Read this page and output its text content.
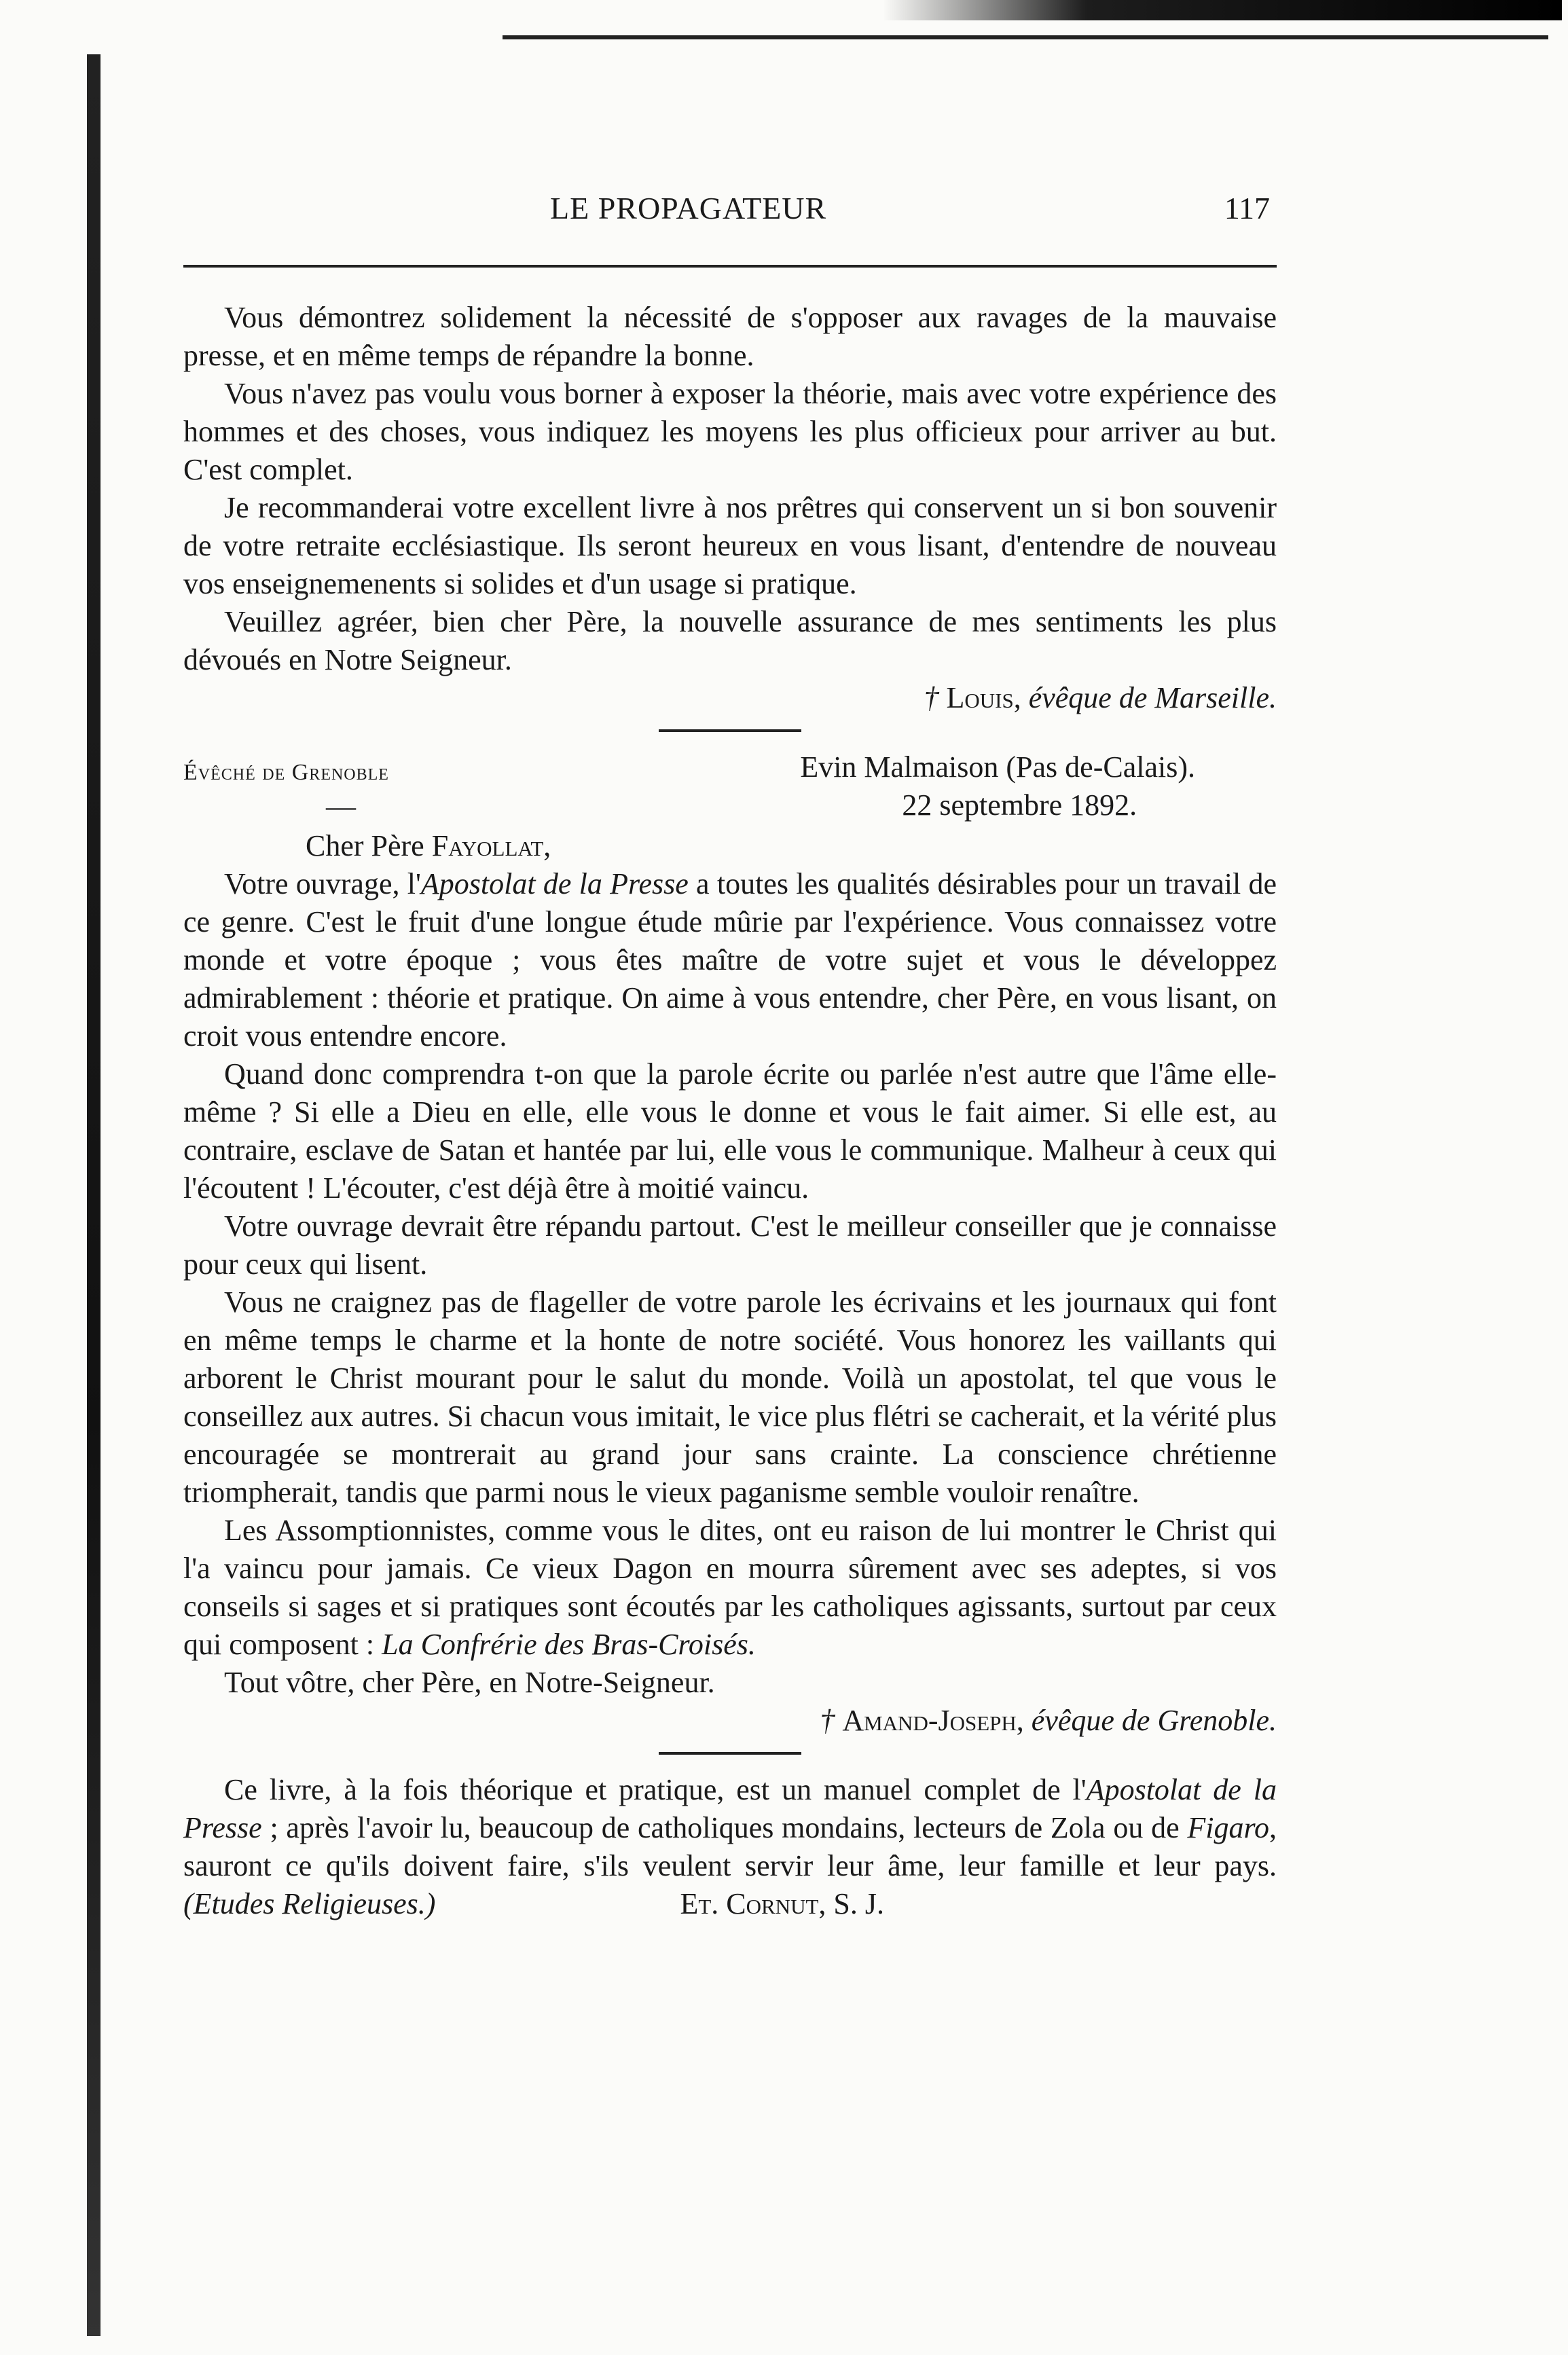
LE PROPAGATEUR	117

Vous démontrez solidement la nécessité de s'opposer aux ravages de la mauvaise presse, et en même temps de répandre la bonne.

Vous n'avez pas voulu vous borner à exposer la théorie, mais avec votre expérience des hommes et des choses, vous indiquez les moyens les plus officieux pour arriver au but. C'est complet.

Je recommanderai votre excellent livre à nos prêtres qui conservent un si bon souvenir de votre retraite ecclésiastique. Ils seront heureux en vous lisant, d'entendre de nouveau vos enseignemenents si solides et d'un usage si pratique.

Veuillez agréer, bien cher Père, la nouvelle assurance de mes sentiments les plus dévoués en Notre Seigneur.

† Louis, évêque de Marseille.

Évêché de Grenoble
—
Evin Malmaison (Pas de-Calais).
22 septembre 1892.

Cher Père Fayollat,

Votre ouvrage, l'Apostolat de la Presse a toutes les qualités désirables pour un travail de ce genre. C'est le fruit d'une longue étude mûrie par l'expérience. Vous connaissez votre monde et votre époque ; vous êtes maître de votre sujet et vous le développez admirablement : théorie et pratique. On aime à vous entendre, cher Père, en vous lisant, on croit vous entendre encore.

Quand donc comprendra t-on que la parole écrite ou parlée n'est autre que l'âme elle-même ? Si elle a Dieu en elle, elle vous le donne et vous le fait aimer. Si elle est, au contraire, esclave de Satan et hantée par lui, elle vous le communique. Malheur à ceux qui l'écoutent ! L'écouter, c'est déjà être à moitié vaincu.

Votre ouvrage devrait être répandu partout. C'est le meilleur conseiller que je connaisse pour ceux qui lisent.

Vous ne craignez pas de flageller de votre parole les écrivains et les journaux qui font en même temps le charme et la honte de notre société. Vous honorez les vaillants qui arborent le Christ mourant pour le salut du monde. Voilà un apostolat, tel que vous le conseillez aux autres. Si chacun vous imitait, le vice plus flétri se cacherait, et la vérité plus encouragée se montrerait au grand jour sans crainte. La conscience chrétienne triompherait, tandis que parmi nous le vieux paganisme semble vouloir renaître.

Les Assomptionnistes, comme vous le dites, ont eu raison de lui montrer le Christ qui l'a vaincu pour jamais. Ce vieux Dagon en mourra sûrement avec ses adeptes, si vos conseils si sages et si pratiques sont écoutés par les catholiques agissants, surtout par ceux qui composent : La Confrérie des Bras-Croisés.

Tout vôtre, cher Père, en Notre-Seigneur.

† Amand-Joseph, évêque de Grenoble.

Ce livre, à la fois théorique et pratique, est un manuel complet de l'Apostolat de la Presse ; après l'avoir lu, beaucoup de catholiques mondains, lecteurs de Zola ou de Figaro, sauront ce qu'ils doivent faire, s'ils veulent servir leur âme, leur famille et leur pays. (Etudes Religieuses.)	Et. Cornut, S. J.
